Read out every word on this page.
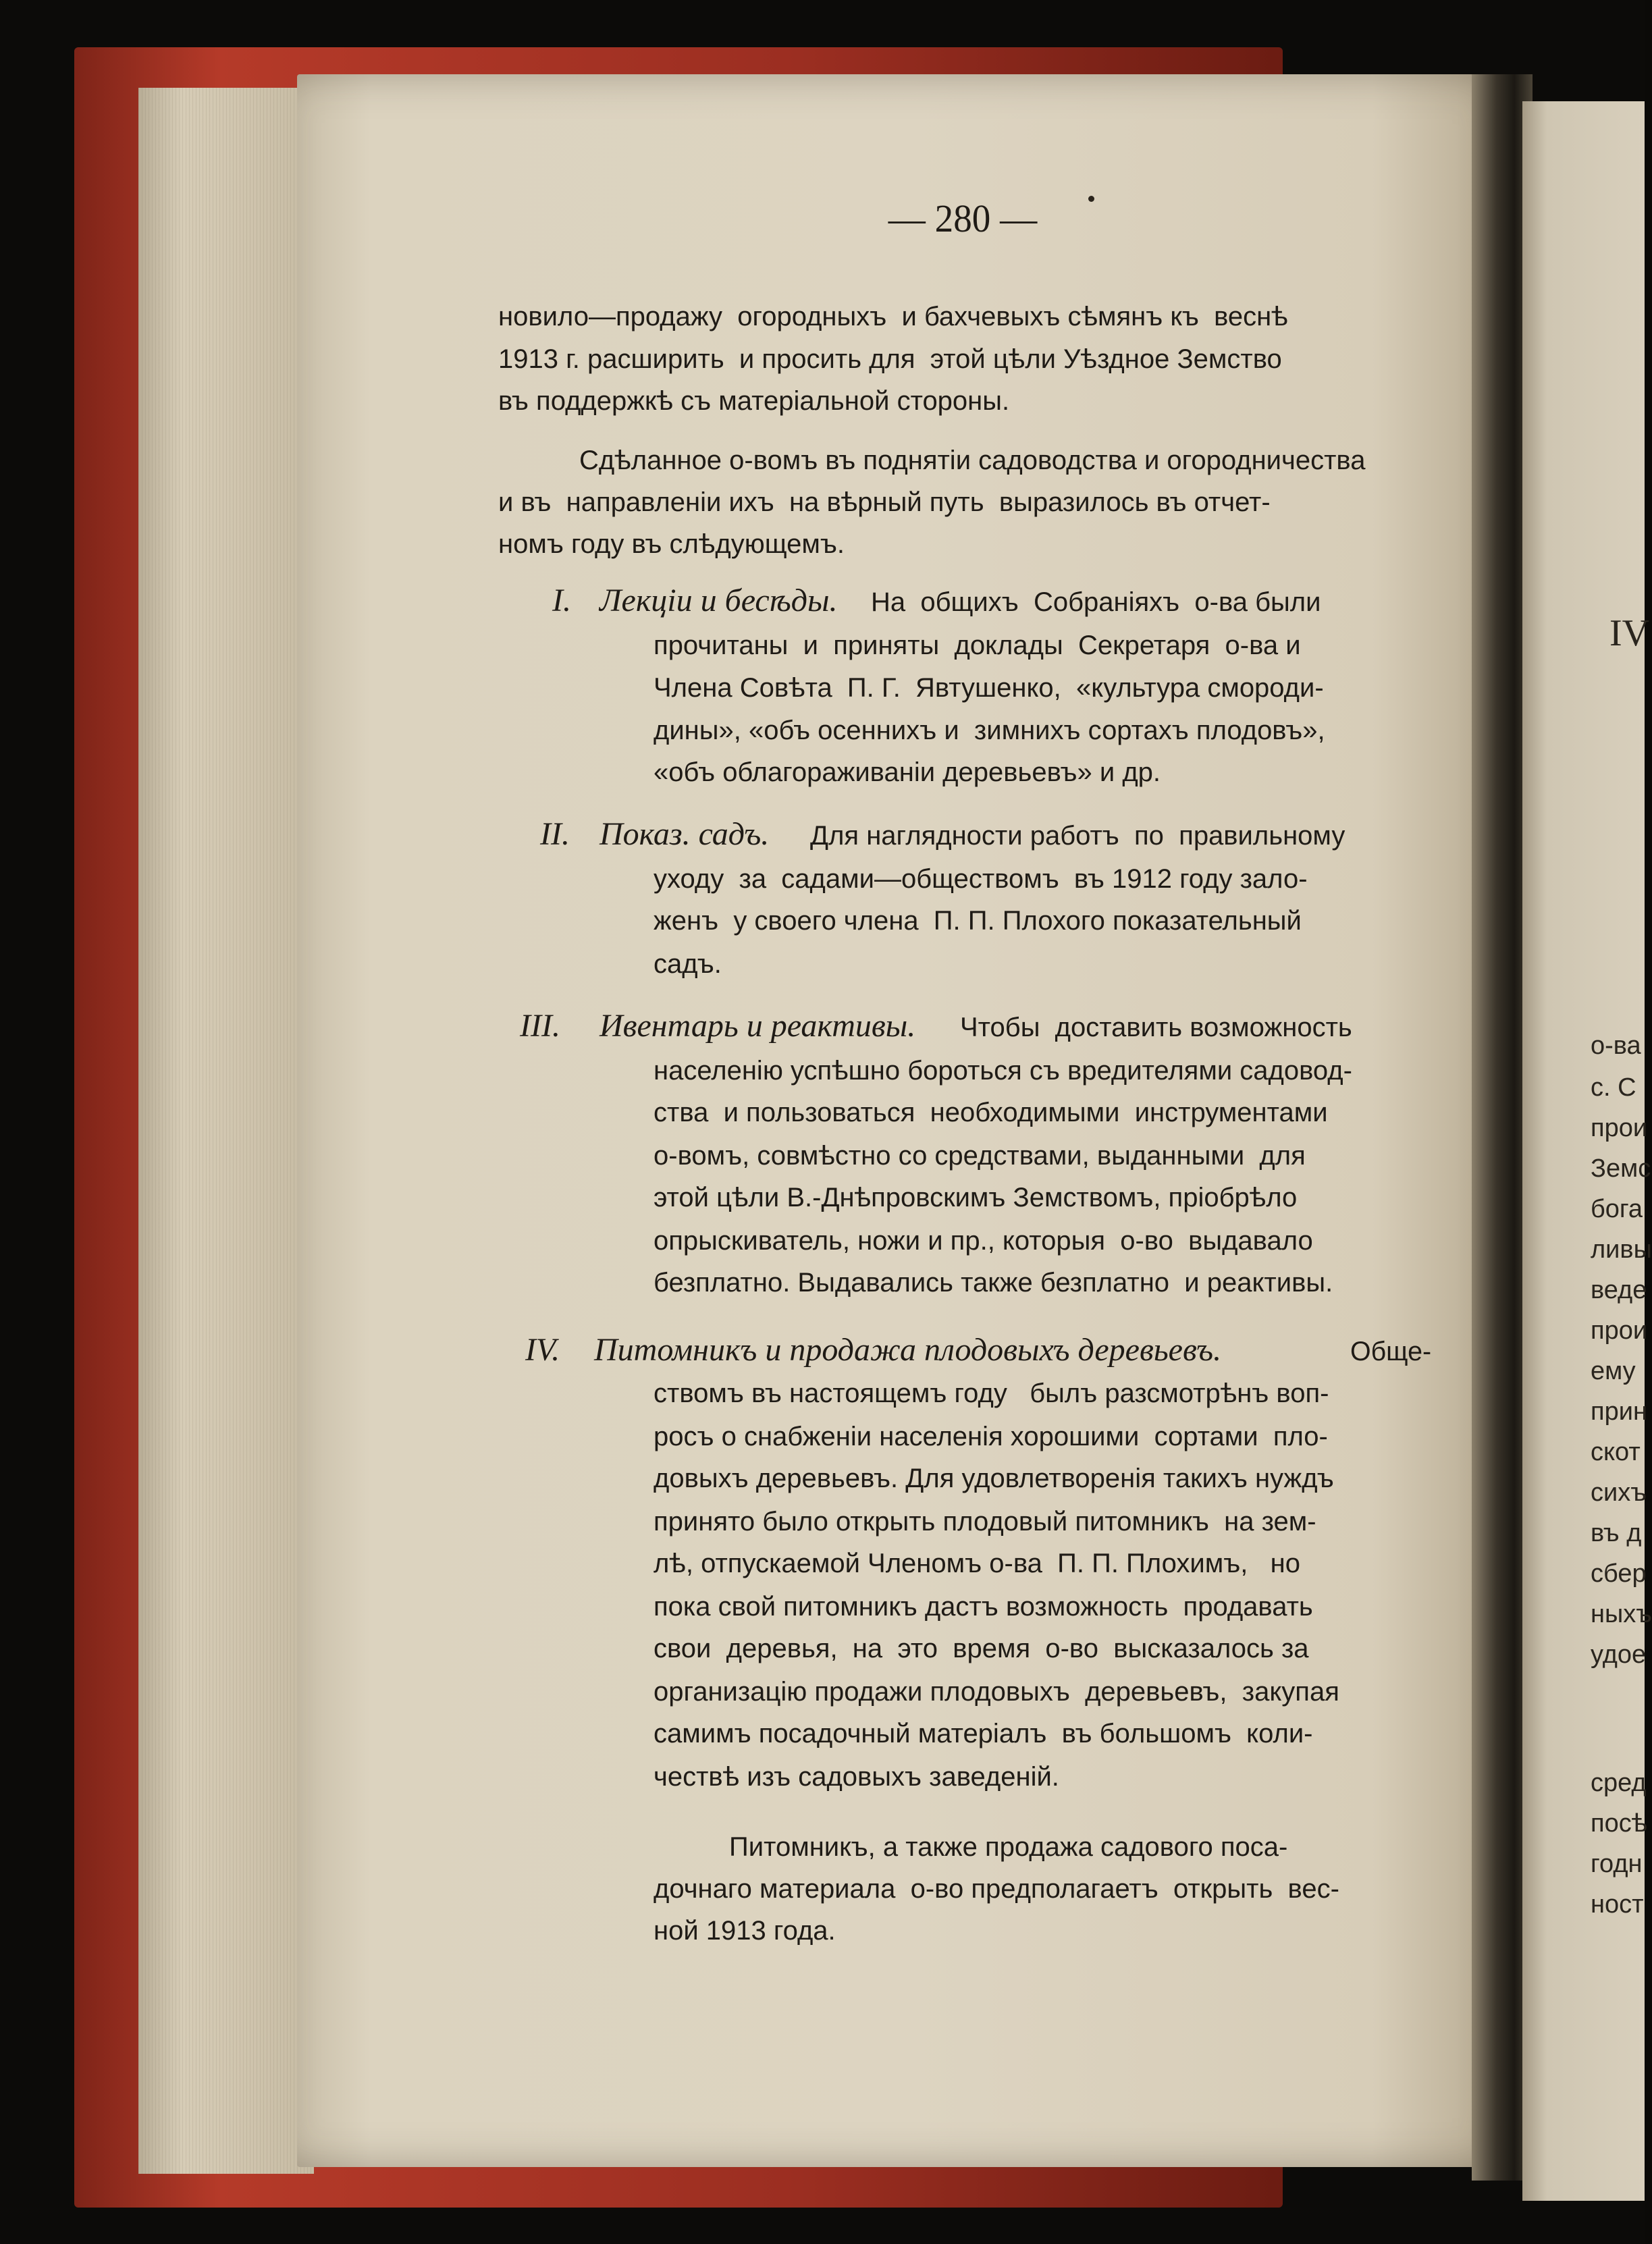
— 280 —
новило—продажу  огородныхъ  и бахчевыхъ сѣмянъ къ  веснѣ
1913 г. расширить  и просить для  этой цѣли Уѣздное Земство
въ поддержкѣ съ матеріальной стороны.
Сдѣланное о-вомъ въ поднятіи садоводства и огородничества
и въ  направленіи ихъ  на вѣрный путь  выразилось въ отчет-
номъ году въ слѣдующемъ.
I. Лекціи и бесѣды. На  общихъ  Собраніяхъ  о-ва были
прочитаны  и  приняты  доклады  Секретаря  о-ва и
Члена Совѣта  П. Г.  Явтушенко,  «культура смороди-
дины», «объ осеннихъ и  зимнихъ сортахъ плодовъ»,
«объ облагораживаніи деревьевъ» и др.
II. Показ. садъ. Для наглядности работъ  по  правильному
уходу  за  садами—обществомъ  въ 1912 году зало-
женъ  у своего члена  П. П. Плохого показательный
садъ.
III. Ивентарь и реактивы. Чтобы  доставить возможность
населенію успѣшно бороться съ вредителями садовод-
ства  и пользоваться  необходимыми  инструментами
о-вомъ, совмѣстно со средствами, выданными  для
этой цѣли В.-Днѣпровскимъ Земствомъ, пріобрѣло
опрыскиватель, ножи и пр., которыя  о-во  выдавало
безплатно. Выдавались также безплатно  и реактивы.
IV. Питомникъ и продажа плодовыхъ деревьевъ.	Обще-
ствомъ въ настоящемъ году   былъ разсмотрѣнъ воп-
росъ о снабженіи населенія хорошими  сортами  пло-
довыхъ деревьевъ. Для удовлетворенія такихъ нуждъ
принято было открыть плодовый питомникъ  на зем-
лѣ, отпускаемой Членомъ о-ва  П. П. Плохимъ,   но
пока свой питомникъ дастъ возможность  продавать
свои  деревья,  на  это  время  о-во  высказалось за
организацію продажи плодовыхъ  деревьевъ,  закупая
самимъ посадочный матеріалъ  въ большомъ  коли-
чествѣ изъ садовыхъ заведеній.
Питомникъ, а также продажа садового поса-
дочнаго материала  о-во предполагаетъ  открыть  вес-
ной 1913 года.
IV
о-ва
с. С
прои
Земс
бога
ливы
веде
прои
ему
прин
скот
сихъ
въ д
сбер
ныхъ
удое
сред
посѣ
годн
ност
